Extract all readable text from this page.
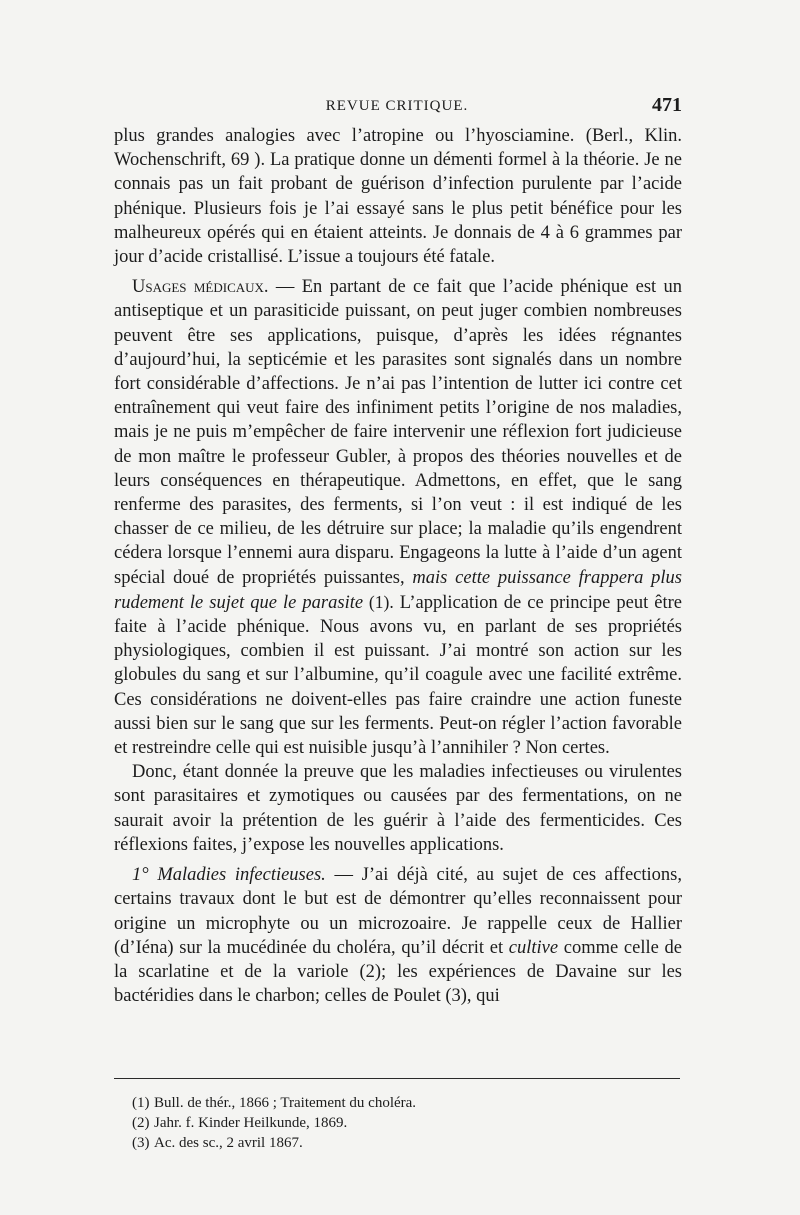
REVUE CRITIQUE.	471

plus grandes analogies avec l’atropine ou l’hyosciamine. (Berl., Klin. Wochenschrift, 69 ). La pratique donne un démenti formel à la théorie. Je ne connais pas un fait probant de guérison d’infection purulente par l’acide phénique. Plusieurs fois je l’ai essayé sans le plus petit bénéfice pour les malheureux opérés qui en étaient atteints. Je donnais de 4 à 6 grammes par jour d’acide cristallisé. L’issue a toujours été fatale.

Usages médicaux. — En partant de ce fait que l’acide phénique est un antiseptique et un parasiticide puissant, on peut juger combien nombreuses peuvent être ses applications, puisque, d’après les idées régnantes d’aujourd’hui, la septicémie et les parasites sont signalés dans un nombre fort considérable d’affections. Je n’ai pas l’intention de lutter ici contre cet entraînement qui veut faire des infiniment petits l’origine de nos maladies, mais je ne puis m’empêcher de faire intervenir une réflexion fort judicieuse de mon maître le professeur Gubler, à propos des théories nouvelles et de leurs conséquences en thérapeutique. Admettons, en effet, que le sang renferme des parasites, des ferments, si l’on veut : il est indiqué de les chasser de ce milieu, de les détruire sur place; la maladie qu’ils engendrent cédera lorsque l’ennemi aura disparu. Engageons la lutte à l’aide d’un agent spécial doué de propriétés puissantes, mais cette puissance frappera plus rudement le sujet que le parasite (1). L’application de ce principe peut être faite à l’acide phénique. Nous avons vu, en parlant de ses propriétés physiologiques, combien il est puissant. J’ai montré son action sur les globules du sang et sur l’albumine, qu’il coagule avec une facilité extrême. Ces considérations ne doivent-elles pas faire craindre une action funeste aussi bien sur le sang que sur les ferments. Peut-on régler l’action favorable et restreindre celle qui est nuisible jusqu’à l’annihiler ? Non certes.

Donc, étant donnée la preuve que les maladies infectieuses ou virulentes sont parasitaires et zymotiques ou causées par des fermentations, on ne saurait avoir la prétention de les guérir à l’aide des fermenticides. Ces réflexions faites, j’expose les nouvelles applications.

1° Maladies infectieuses. — J’ai déjà cité, au sujet de ces affections, certains travaux dont le but est de démontrer qu’elles reconnaissent pour origine un microphyte ou un microzoaire. Je rappelle ceux de Hallier (d’Iéna) sur la mucédinée du choléra, qu’il décrit et cultive comme celle de la scarlatine et de la variole (2); les expériences de Davaine sur les bactéridies dans le charbon; celles de Poulet (3), qui

(1) Bull. de thér., 1866 ; Traitement du choléra.
(2) Jahr. f. Kinder Heilkunde, 1869.
(3) Ac. des sc., 2 avril 1867.
